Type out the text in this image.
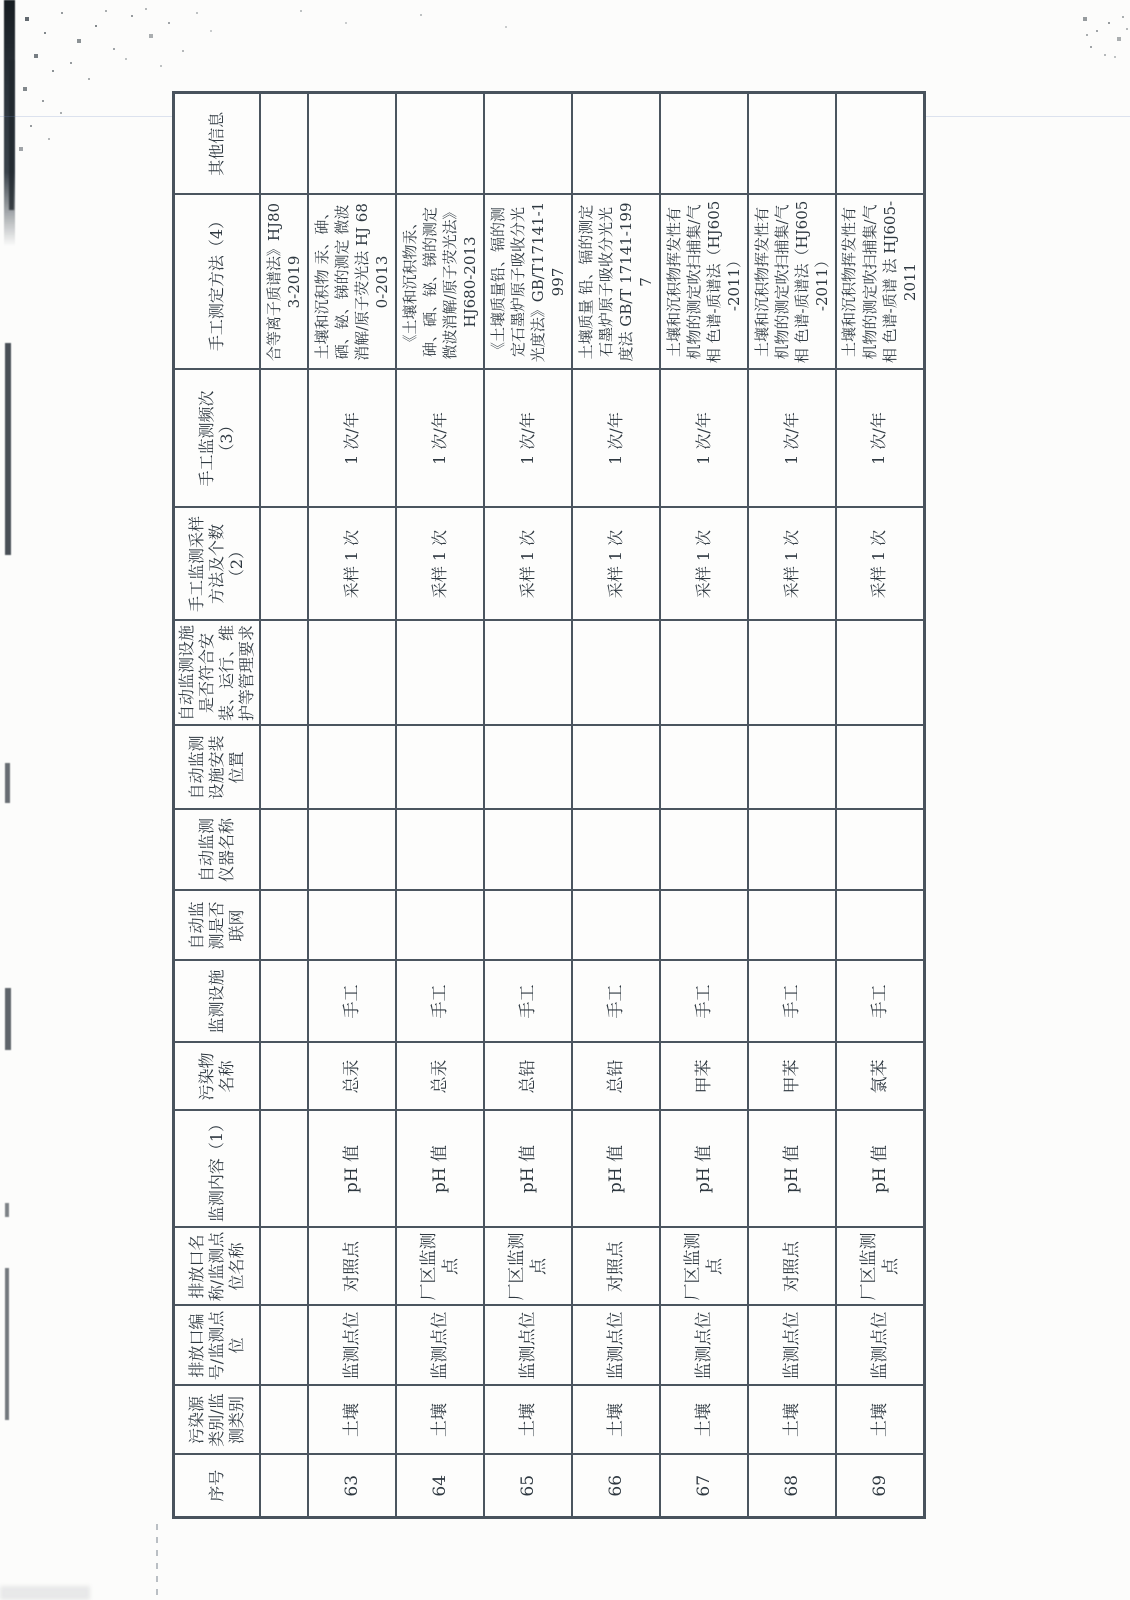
序号	污染源类别/监测类别	排放口编号/监测点位	排放口名称/监测点位名称	监测内容（1）	污染物名称	监测设施	自动监测是否联网	自动监测仪器名称	自动监测设施安装位置	自动监测设施是否符合安装、运行、维护等管理要求	手工监测采样方法及个数（2）	手工监测频次（3）	手工测定方法（4）	其他信息
													合等离子质谱法》HJ803-2019	
63	土壤	监测点位	对照点	pH 值	总汞	手工					采样 1 次	1 次/年	土壤和沉积物 汞、砷、硒、铋、锑的测定 微波消解/原子荧光法 HJ 680-2013	
64	土壤	监测点位	厂区监测点	pH 值	总汞	手工					采样 1 次	1 次/年	《土壤和沉积物汞、砷、硒、铋、锑的测定微波消解/原子荧光法》HJ680-2013	
65	土壤	监测点位	厂区监测点	pH 值	总铅	手工					采样 1 次	1 次/年	《土壤质量铅、镉的测定石墨炉原子吸收分光光度法》GB/T17141-1997	
66	土壤	监测点位	对照点	pH 值	总铅	手工					采样 1 次	1 次/年	土壤质量 铅、镉的测定 石墨炉原子吸收分光光度法 GB/T 17141-1997	
67	土壤	监测点位	厂区监测点	pH 值	甲苯	手工					采样 1 次	1 次/年	土壤和沉积物挥发性有机物的测定吹扫捕集/气相 色谱-质谱法（HJ605-2011）	
68	土壤	监测点位	对照点	pH 值	甲苯	手工					采样 1 次	1 次/年	土壤和沉积物挥发性有机物的测定吹扫捕集/气相 色谱-质谱法（HJ605-2011）	
69	土壤	监测点位	厂区监测点	pH 值	氯苯	手工					采样 1 次	1 次/年	土壤和沉积物挥发性有机物的测定吹扫捕集/气相 色谱-质谱 法 HJ605-2011	
